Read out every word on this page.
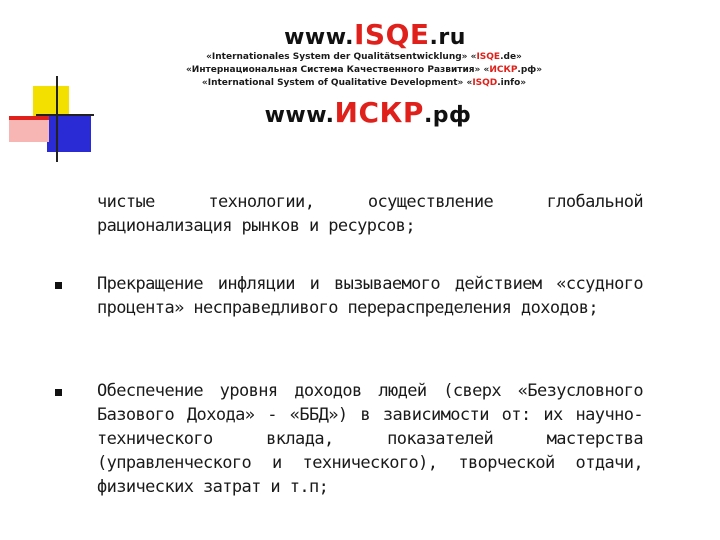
www.ISQE.ru
«Internationales System der Qualitätsentwicklung» «ISQE.de»
«Интернациональная Система Качественного Развития» «ИСКР.рф»
«International System of Qualitative Development» «ISQD.info»
www.ИСКР.рф
чистые технологии, осуществление глобальной рационализация рынков и ресурсов;
Прекращение инфляции и вызываемого действием «ссудного процента» несправедливого перераспределения доходов;
Обеспечение уровня доходов людей (сверх «Безусловного Базового Дохода» - «ББД») в зависимости от: их научно-технического вклада, показателей мастерства (управленческого и технического), творческой отдачи, физических затрат и т.п;
